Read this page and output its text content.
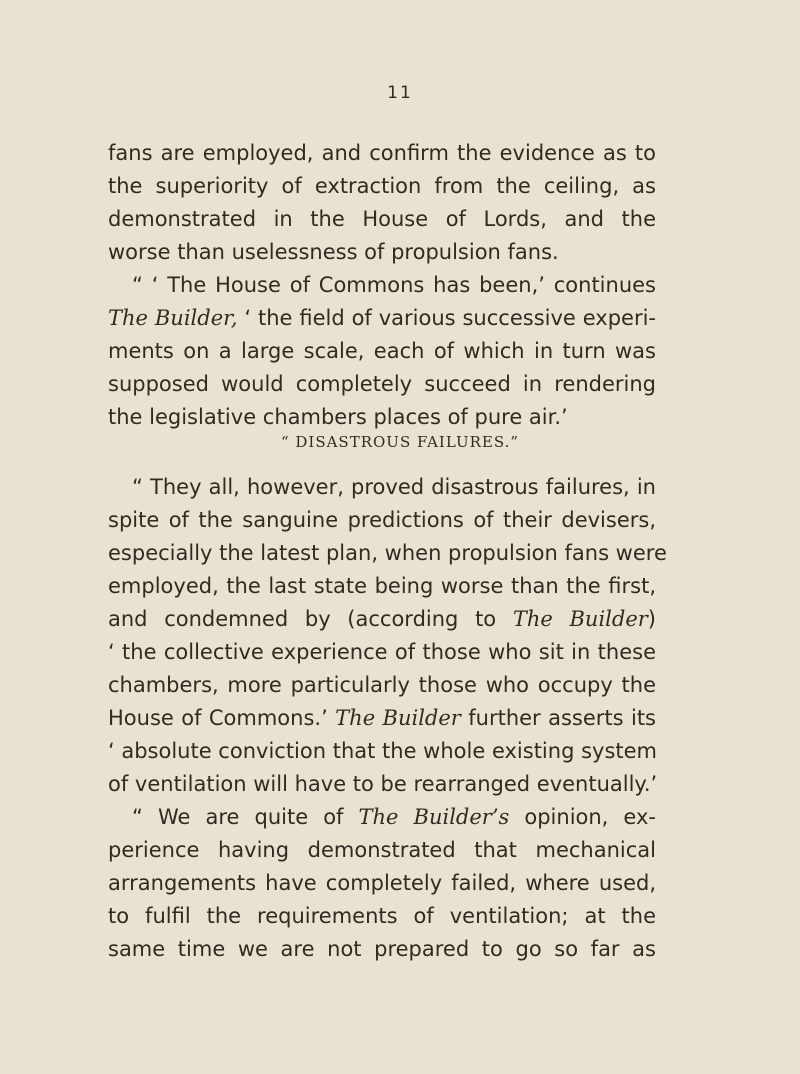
11
fans are employed, and confirm the evidence as to
the superiority of extraction from the ceiling, as
demonstrated in the House of Lords, and the
worse than uselessness of propulsion fans.
“ ‘ The House of Commons has been,’ continues
The Builder, ‘ the field of various successive experi-
ments on a large scale, each of which in turn was
supposed would completely succeed in rendering
the legislative chambers places of pure air.’
“ DISASTROUS FAILURES.”
“ They all, however, proved disastrous failures, in
spite of the sanguine predictions of their devisers,
especially the latest plan, when propulsion fans were
employed, the last state being worse than the first,
and condemned by (according to The Builder)
‘ the collective experience of those who sit in these
chambers, more particularly those who occupy the
House of Commons.’ The Builder further asserts its
‘ absolute conviction that the whole existing system
of ventilation will have to be rearranged eventually.’
“ We are quite of The Builder’s opinion, ex-
perience having demonstrated that mechanical
arrangements have completely failed, where used,
to fulfil the requirements of ventilation; at the
same time we are not prepared to go so far as
